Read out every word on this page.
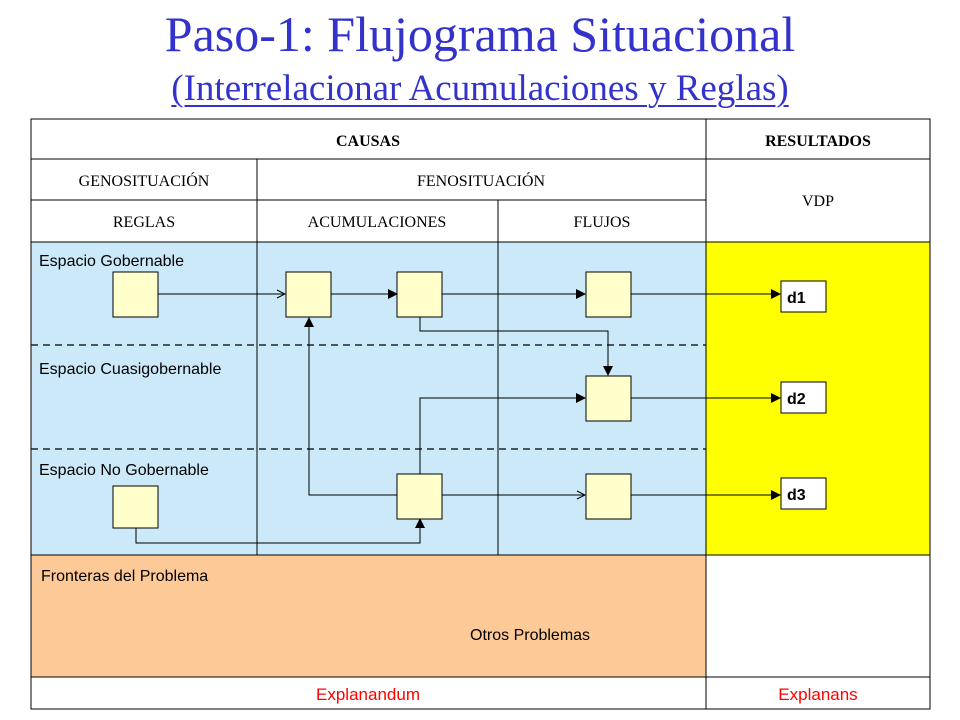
Paso-1: Flujograma Situacional
(Interrelacionar Acumulaciones y Reglas)
CAUSAS	RESULTADOS
GENOSITUACIÓN	FENOSITUACIÓN
VDP
REGLAS	ACUMULACIONES	FLUJOS
Espacio Gobernable
Espacio Cuasigobernable
Espacio No Gobernable
Fronteras del Problema
Otros Problemas
d1
d2
d3
Explanandum	Explanans
